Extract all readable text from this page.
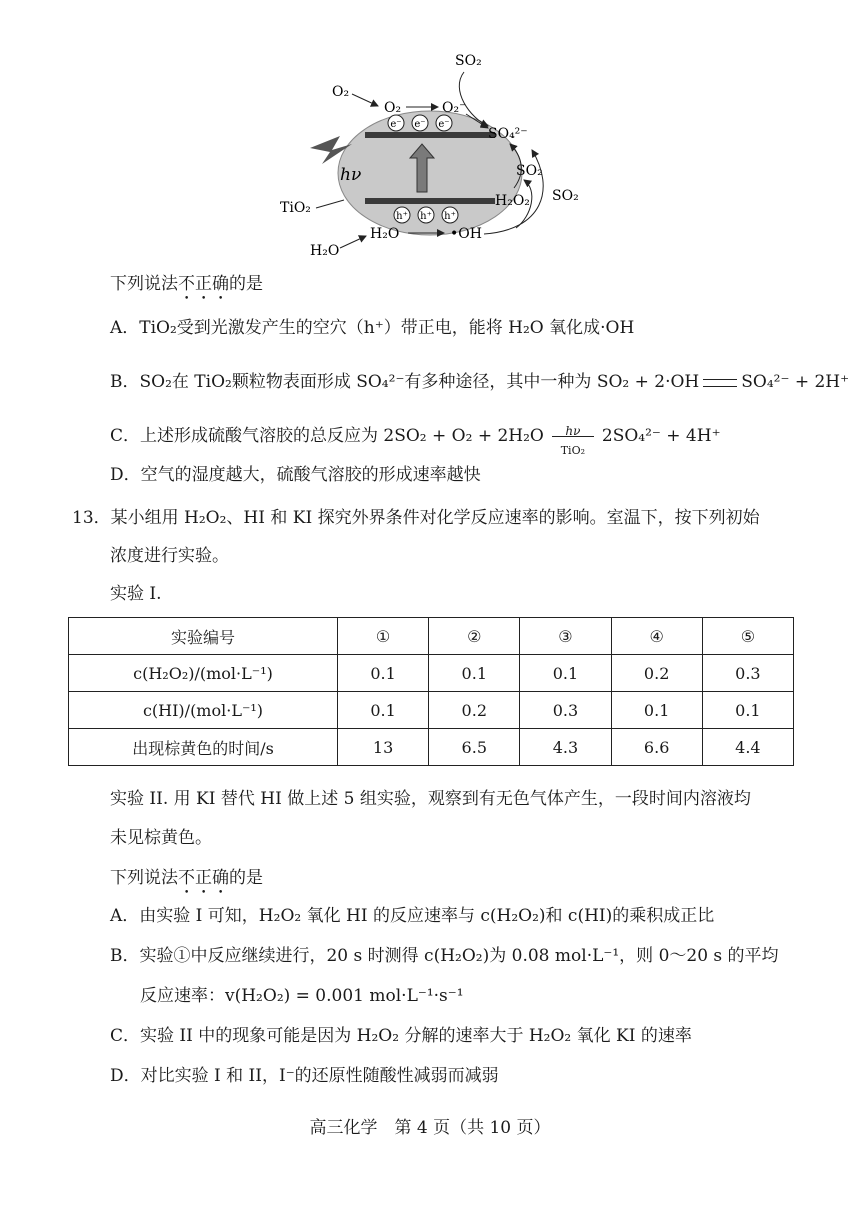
e⁻ e⁻ e⁻
h⁺ h⁺ h⁺
hν
TiO₂
SO₂
O₂
O₂	O₂⁻
SO₄²⁻
SO₂
H₂O₂ SO₂
H₂O
H₂O	•OH
下列说法不正确的是
A．TiO₂受到光激发产生的空穴（h⁺）带正电，能将 H₂O 氧化成·OH
B．SO₂在 TiO₂颗粒物表面形成 SO₄²⁻有多种途径，其中一种为 SO₂ + 2·OH SO₄²⁻ + 2H⁺
C．上述形成硫酸气溶胶的总反应为 2SO₂ + O₂ + 2H₂O	hν
TiO₂
2SO₄²⁻ + 4H⁺
D．空气的湿度越大，硫酸气溶胶的形成速率越快
13．某小组用 H₂O₂、HI 和 KI 探究外界条件对化学反应速率的影响。室温下，按下列初始
浓度进行实验。
实验 I.
实验编号	①	②	③	④	⑤
c(H₂O₂)/(mol·L⁻¹)	0.1	0.1	0.1	0.2	0.3
c(HI)/(mol·L⁻¹)	0.1	0.2	0.3	0.1	0.1
出现棕黄色的时间/s	13	6.5	4.3	6.6	4.4
实验 II. 用 KI 替代 HI 做上述 5 组实验，观察到有无色气体产生，一段时间内溶液均
未见棕黄色。
下列说法不正确的是
A．由实验 I 可知，H₂O₂ 氧化 HI 的反应速率与 c(H₂O₂)和 c(HI)的乘积成正比
B．实验①中反应继续进行，20 s 时测得 c(H₂O₂)为 0.08 mol·L⁻¹，则 0～20 s 的平均
反应速率：v(H₂O₂) = 0.001 mol·L⁻¹·s⁻¹
C．实验 II 中的现象可能是因为 H₂O₂ 分解的速率大于 H₂O₂ 氧化 KI 的速率
D．对比实验 I 和 II，I⁻的还原性随酸性减弱而减弱
高三化学　第 4 页（共 10 页）
